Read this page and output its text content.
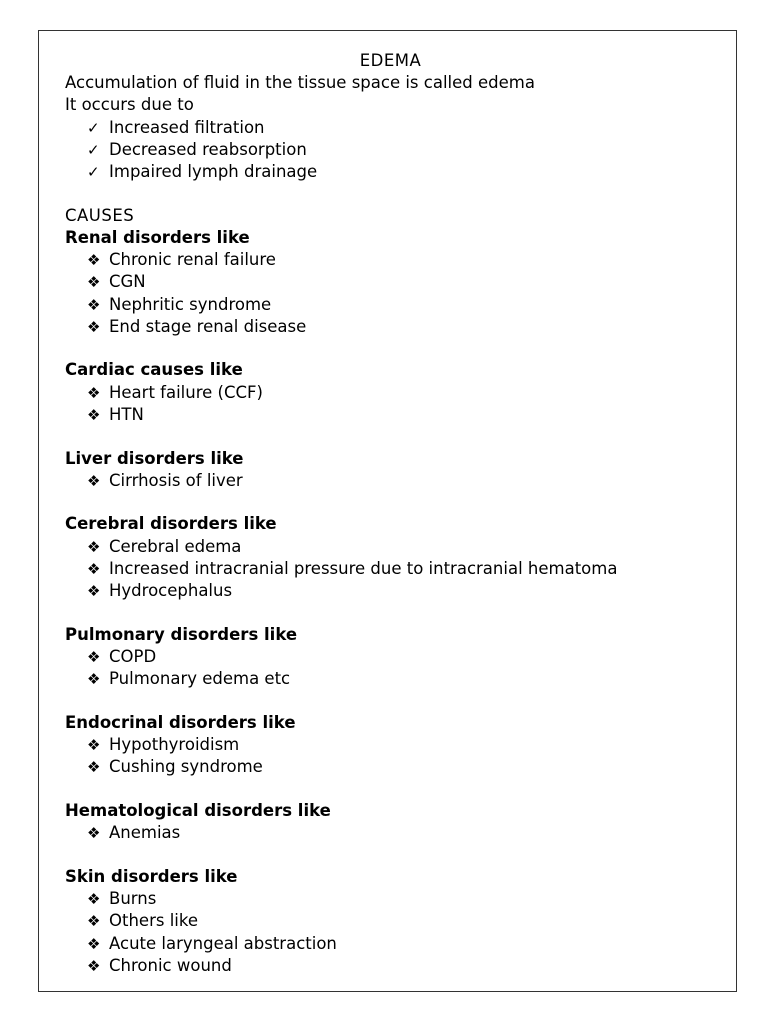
EDEMA

Accumulation of fluid in the tissue space is called edema

It occurs due to

✓ Increased filtration
✓ Decreased reabsorption
✓ Impaired lymph drainage

CAUSES

Renal disorders like

❖ Chronic renal failure
❖ CGN
❖ Nephritic syndrome
❖ End stage renal disease

Cardiac causes like

❖ Heart failure (CCF)
❖ HTN

Liver disorders like

❖ Cirrhosis of liver

Cerebral disorders like

❖ Cerebral edema
❖ Increased intracranial pressure due to intracranial hematoma
❖ Hydrocephalus

Pulmonary disorders like

❖ COPD
❖ Pulmonary edema etc

Endocrinal disorders like

❖ Hypothyroidism
❖ Cushing syndrome

Hematological disorders like

❖ Anemias

Skin disorders like

❖ Burns
❖ Others like
❖ Acute laryngeal abstraction
❖ Chronic wound
